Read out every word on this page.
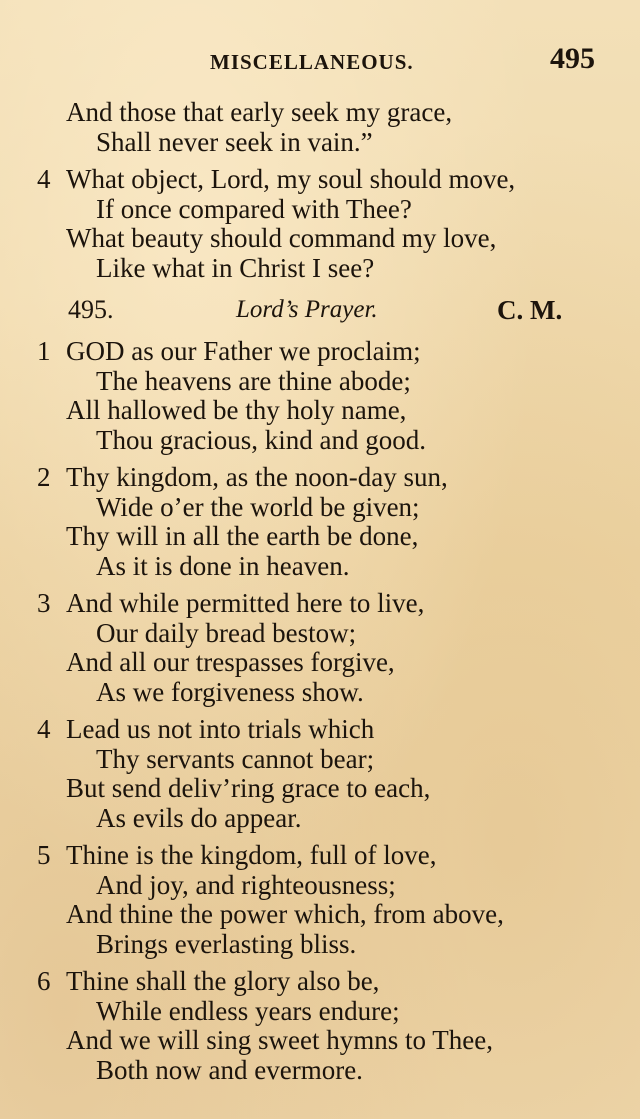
MISCELLANEOUS.	495
And those that early seek my grace,
Shall never seek in vain.”
4 What object, Lord, my soul should move,
If once compared with Thee?
What beauty should command my love,
Like what in Christ I see?
495.	Lord’s Prayer.	C. M.
1 GOD as our Father we proclaim;
The heavens are thine abode;
All hallowed be thy holy name,
Thou gracious, kind and good.
2 Thy kingdom, as the noon-day sun,
Wide o’er the world be given;
Thy will in all the earth be done,
As it is done in heaven.
3 And while permitted here to live,
Our daily bread bestow;
And all our trespasses forgive,
As we forgiveness show.
4 Lead us not into trials which
Thy servants cannot bear;
But send deliv’ring grace to each,
As evils do appear.
5 Thine is the kingdom, full of love,
And joy, and righteousness;
And thine the power which, from above,
Brings everlasting bliss.
6 Thine shall the glory also be,
While endless years endure;
And we will sing sweet hymns to Thee,
Both now and evermore.
